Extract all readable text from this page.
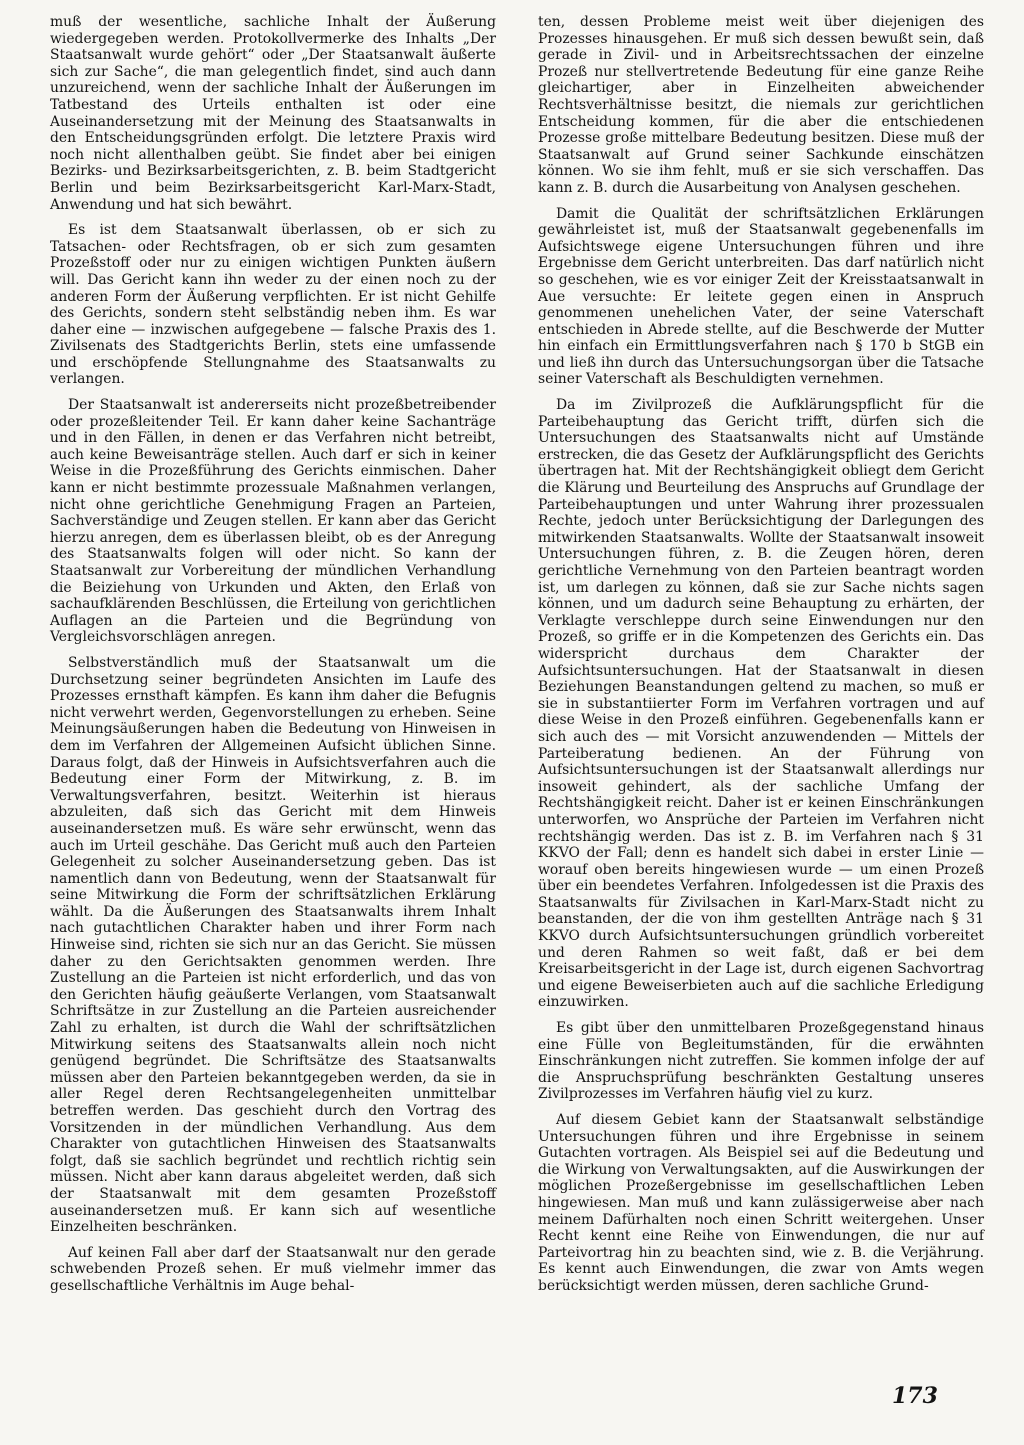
muß der wesentliche, sachliche Inhalt der Äußerung wiedergegeben werden. Protokollvermerke des Inhalts „Der Staatsanwalt wurde gehört“ oder „Der Staatsanwalt äußerte sich zur Sache“, die man gelegentlich findet, sind auch dann unzureichend, wenn der sachliche Inhalt der Äußerungen im Tatbestand des Urteils enthalten ist oder eine Auseinandersetzung mit der Meinung des Staatsanwalts in den Entscheidungsgründen erfolgt. Die letztere Praxis wird noch nicht allenthalben geübt. Sie findet aber bei einigen Bezirks- und Bezirksarbeitsgerichten, z. B. beim Stadtgericht Berlin und beim Bezirksarbeitsgericht Karl-Marx-Stadt, Anwendung und hat sich bewährt.

Es ist dem Staatsanwalt überlassen, ob er sich zu Tatsachen- oder Rechtsfragen, ob er sich zum gesamten Prozeßstoff oder nur zu einigen wichtigen Punkten äußern will. Das Gericht kann ihn weder zu der einen noch zu der anderen Form der Äußerung verpflichten. Er ist nicht Gehilfe des Gerichts, sondern steht selbständig neben ihm. Es war daher eine — inzwischen aufgegebene — falsche Praxis des 1. Zivilsenats des Stadtgerichts Berlin, stets eine umfassende und erschöpfende Stellungnahme des Staatsanwalts zu verlangen.

Der Staatsanwalt ist andererseits nicht prozeßbetreibender oder prozeßleitender Teil. Er kann daher keine Sachanträge und in den Fällen, in denen er das Verfahren nicht betreibt, auch keine Beweisanträge stellen. Auch darf er sich in keiner Weise in die Prozeßführung des Gerichts einmischen. Daher kann er nicht bestimmte prozessuale Maßnahmen verlangen, nicht ohne gerichtliche Genehmigung Fragen an Parteien, Sachverständige und Zeugen stellen. Er kann aber das Gericht hierzu anregen, dem es überlassen bleibt, ob es der Anregung des Staatsanwalts folgen will oder nicht. So kann der Staatsanwalt zur Vorbereitung der mündlichen Verhandlung die Beiziehung von Urkunden und Akten, den Erlaß von sachaufklärenden Beschlüssen, die Erteilung von gerichtlichen Auflagen an die Parteien und die Begründung von Vergleichsvorschlägen anregen.

Selbstverständlich muß der Staatsanwalt um die Durchsetzung seiner begründeten Ansichten im Laufe des Prozesses ernsthaft kämpfen. Es kann ihm daher die Befugnis nicht verwehrt werden, Gegenvorstellungen zu erheben. Seine Meinungsäußerungen haben die Bedeutung von Hinweisen in dem im Verfahren der Allgemeinen Aufsicht üblichen Sinne. Daraus folgt, daß der Hinweis in Aufsichtsverfahren auch die Bedeutung einer Form der Mitwirkung, z. B. im Verwaltungsverfahren, besitzt. Weiterhin ist hieraus abzuleiten, daß sich das Gericht mit dem Hinweis auseinandersetzen muß. Es wäre sehr erwünscht, wenn das auch im Urteil geschähe. Das Gericht muß auch den Parteien Gelegenheit zu solcher Auseinandersetzung geben. Das ist namentlich dann von Bedeutung, wenn der Staatsanwalt für seine Mitwirkung die Form der schriftsätzlichen Erklärung wählt. Da die Äußerungen des Staatsanwalts ihrem Inhalt nach gutachtlichen Charakter haben und ihrer Form nach Hinweise sind, richten sie sich nur an das Gericht. Sie müssen daher zu den Gerichtsakten genommen werden. Ihre Zustellung an die Parteien ist nicht erforderlich, und das von den Gerichten häufig geäußerte Verlangen, vom Staatsanwalt Schriftsätze in zur Zustellung an die Parteien ausreichender Zahl zu erhalten, ist durch die Wahl der schriftsätzlichen Mitwirkung seitens des Staatsanwalts allein noch nicht genügend begründet. Die Schriftsätze des Staatsanwalts müssen aber den Parteien bekanntgegeben werden, da sie in aller Regel deren Rechtsangelegenheiten unmittelbar betreffen werden. Das geschieht durch den Vortrag des Vorsitzenden in der mündlichen Verhandlung. Aus dem Charakter von gutachtlichen Hinweisen des Staatsanwalts folgt, daß sie sachlich begründet und rechtlich richtig sein müssen. Nicht aber kann daraus abgeleitet werden, daß sich der Staatsanwalt mit dem gesamten Prozeßstoff auseinandersetzen muß. Er kann sich auf wesentliche Einzelheiten beschränken.

Auf keinen Fall aber darf der Staatsanwalt nur den gerade schwebenden Prozeß sehen. Er muß vielmehr immer das gesellschaftliche Verhältnis im Auge behal-

ten, dessen Probleme meist weit über diejenigen des Prozesses hinausgehen. Er muß sich dessen bewußt sein, daß gerade in Zivil- und in Arbeitsrechtssachen der einzelne Prozeß nur stellvertretende Bedeutung für eine ganze Reihe gleichartiger, aber in Einzelheiten abweichender Rechtsverhältnisse besitzt, die niemals zur gerichtlichen Entscheidung kommen, für die aber die entschiedenen Prozesse große mittelbare Bedeutung besitzen. Diese muß der Staatsanwalt auf Grund seiner Sachkunde einschätzen können. Wo sie ihm fehlt, muß er sie sich verschaffen. Das kann z. B. durch die Ausarbeitung von Analysen geschehen.

Damit die Qualität der schriftsätzlichen Erklärungen gewährleistet ist, muß der Staatsanwalt gegebenenfalls im Aufsichtswege eigene Untersuchungen führen und ihre Ergebnisse dem Gericht unterbreiten. Das darf natürlich nicht so geschehen, wie es vor einiger Zeit der Kreisstaatsanwalt in Aue versuchte: Er leitete gegen einen in Anspruch genommenen unehelichen Vater, der seine Vaterschaft entschieden in Abrede stellte, auf die Beschwerde der Mutter hin einfach ein Ermittlungsverfahren nach § 170 b StGB ein und ließ ihn durch das Untersuchungsorgan über die Tatsache seiner Vaterschaft als Beschuldigten vernehmen.

Da im Zivilprozeß die Aufklärungspflicht für die Parteibehauptung das Gericht trifft, dürfen sich die Untersuchungen des Staatsanwalts nicht auf Umstände erstrecken, die das Gesetz der Aufklärungspflicht des Gerichts übertragen hat. Mit der Rechtshängigkeit obliegt dem Gericht die Klärung und Beurteilung des Anspruchs auf Grundlage der Parteibehauptungen und unter Wahrung ihrer prozessualen Rechte, jedoch unter Berücksichtigung der Darlegungen des mitwirkenden Staatsanwalts. Wollte der Staatsanwalt insoweit Untersuchungen führen, z. B. die Zeugen hören, deren gerichtliche Vernehmung von den Parteien beantragt worden ist, um darlegen zu können, daß sie zur Sache nichts sagen können, und um dadurch seine Behauptung zu erhärten, der Verklagte verschleppe durch seine Einwendungen nur den Prozeß, so griffe er in die Kompetenzen des Gerichts ein. Das widerspricht durchaus dem Charakter der Aufsichtsuntersuchungen. Hat der Staatsanwalt in diesen Beziehungen Beanstandungen geltend zu machen, so muß er sie in substantiierter Form im Verfahren vortragen und auf diese Weise in den Prozeß einführen. Gegebenenfalls kann er sich auch des — mit Vorsicht anzuwendenden — Mittels der Parteiberatung bedienen. An der Führung von Aufsichtsuntersuchungen ist der Staatsanwalt allerdings nur insoweit gehindert, als der sachliche Umfang der Rechtshängigkeit reicht. Daher ist er keinen Einschränkungen unterworfen, wo Ansprüche der Parteien im Verfahren nicht rechtshängig werden. Das ist z. B. im Verfahren nach § 31 KKVO der Fall; denn es handelt sich dabei in erster Linie — worauf oben bereits hingewiesen wurde — um einen Prozeß über ein beendetes Verfahren. Infolgedessen ist die Praxis des Staatsanwalts für Zivilsachen in Karl-Marx-Stadt nicht zu beanstanden, der die von ihm gestellten Anträge nach § 31 KKVO durch Aufsichtsuntersuchungen gründlich vorbereitet und deren Rahmen so weit faßt, daß er bei dem Kreisarbeitsgericht in der Lage ist, durch eigenen Sachvortrag und eigene Beweiserbieten auch auf die sachliche Erledigung einzuwirken.

Es gibt über den unmittelbaren Prozeßgegenstand hinaus eine Fülle von Begleitumständen, für die erwähnten Einschränkungen nicht zutreffen. Sie kommen infolge der auf die Anspruchsprüfung beschränkten Gestaltung unseres Zivilprozesses im Verfahren häufig viel zu kurz.

Auf diesem Gebiet kann der Staatsanwalt selbständige Untersuchungen führen und ihre Ergebnisse in seinem Gutachten vortragen. Als Beispiel sei auf die Bedeutung und die Wirkung von Verwaltungsakten, auf die Auswirkungen der möglichen Prozeßergebnisse im gesellschaftlichen Leben hingewiesen. Man muß und kann zulässigerweise aber nach meinem Dafürhalten noch einen Schritt weitergehen. Unser Recht kennt eine Reihe von Einwendungen, die nur auf Parteivortrag hin zu beachten sind, wie z. B. die Verjährung. Es kennt auch Einwendungen, die zwar von Amts wegen berücksichtigt werden müssen, deren sachliche Grund-

173
